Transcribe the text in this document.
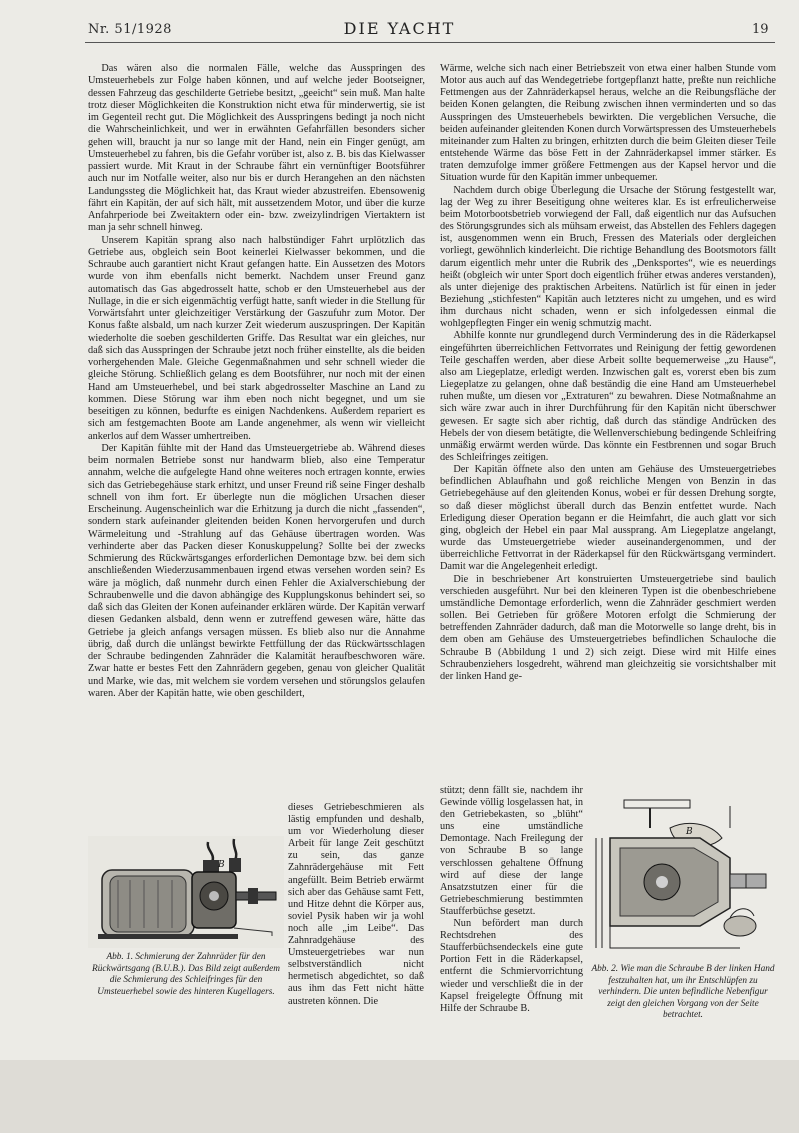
Nr. 51/1928	DIE YACHT	19

Das wären also die normalen Fälle, welche das Ausspringen des Umsteuerhebels zur Folge haben können, und auf welche jeder Bootseigner, dessen Fahrzeug das geschilderte Getriebe besitzt, „geeicht“ sein muß. Man halte trotz dieser Möglichkeiten die Konstruktion nicht etwa für minderwertig, sie ist im Gegenteil recht gut. Die Möglichkeit des Ausspringens bedingt ja noch nicht die Wahrscheinlichkeit, und wer in erwähnten Gefahrfällen besonders sicher gehen will, braucht ja nur so lange mit der Hand, nein ein Finger genügt, am Umsteuerhebel zu fahren, bis die Gefahr vorüber ist, also z. B. bis das Kielwasser passiert wurde. Mit Kraut in der Schraube fährt ein vernünftiger Bootsführer auch nur im Notfalle weiter, also nur bis er durch Herangehen an den nächsten Landungssteg die Möglichkeit hat, das Kraut wieder abzustreifen. Ebensowenig fährt ein Kapitän, der auf sich hält, mit aussetzendem Motor, und über die kurze Anfahrperiode bei Zweitaktern oder ein- bzw. zweizylindrigen Viertaktern ist man ja sehr schnell hinweg.

Unserem Kapitän sprang also nach halbstündiger Fahrt urplötzlich das Getriebe aus, obgleich sein Boot keinerlei Kielwasser bekommen, und die Schraube auch garantiert nicht Kraut gefangen hatte. Ein Aussetzen des Motors wurde von ihm ebenfalls nicht bemerkt. Nachdem unser Freund ganz automatisch das Gas abgedrosselt hatte, schob er den Umsteuerhebel aus der Nullage, in die er sich eigenmächtig verfügt hatte, sanft wieder in die Stellung für Vorwärtsfahrt unter gleichzeitiger Verstärkung der Gaszufuhr zum Motor. Der Konus faßte alsbald, um nach kurzer Zeit wiederum auszuspringen. Der Kapitän wiederholte die soeben geschilderten Griffe. Das Resultat war ein gleiches, nur daß sich das Ausspringen der Schraube jetzt noch früher einstellte, als die beiden vorhergehenden Male. Gleiche Gegenmaßnahmen und sehr schnell wieder die gleiche Störung. Schließlich gelang es dem Bootsführer, nur noch mit der einen Hand am Umsteuerhebel, und bei stark abgedrosselter Maschine an Land zu kommen. Diese Störung war ihm eben noch nicht begegnet, und um sie beseitigen zu können, bedurfte es einigen Nachdenkens. Außerdem repariert es sich am festgemachten Boote am Lande angenehmer, als wenn wir vielleicht ankerlos auf dem Wasser umhertreiben.

Der Kapitän fühlte mit der Hand das Umsteuergetriebe ab. Während dieses beim normalen Betriebe sonst nur handwarm blieb, also eine Temperatur annahm, welche die aufgelegte Hand ohne weiteres noch ertragen konnte, erwies sich das Getriebegehäuse stark erhitzt, und unser Freund riß seine Finger deshalb schnell von ihm fort. Er überlegte nun die möglichen Ursachen dieser Erscheinung. Augenscheinlich war die Erhitzung ja durch die nicht „fassenden“, sondern stark aufeinander gleitenden beiden Konen hervorgerufen und durch Wärmeleitung und -Strahlung auf das Gehäuse übertragen worden. Was verhinderte aber das Packen dieser Konuskuppelung? Sollte bei der zwecks Schmierung des Rückwärtsganges erforderlichen Demontage bzw. bei dem sich anschließenden Wiederzusammenbauen irgend etwas versehen worden sein? Es wäre ja möglich, daß nunmehr durch einen Fehler die Axialverschiebung der Schraubenwelle und die davon abhängige des Kupplungskonus behindert sei, so daß sich das Gleiten der Konen aufeinander erklären würde. Der Kapitän verwarf diesen Gedanken alsbald, denn wenn er zutreffend gewesen wäre, hätte das Getriebe ja gleich anfangs versagen müssen. Es blieb also nur die Annahme übrig, daß durch die unlängst bewirkte Fettfüllung der das Rückwärtsschlagen der Schraube bedingenden Zahnräder die Kalamität heraufbeschworen wäre. Zwar hatte er bestes Fett den Zahnrädern gegeben, genau von gleicher Qualität und Marke, wie das, mit welchem sie vordem versehen und störungslos gelaufen waren. Aber der Kapitän hatte, wie oben geschildert,

dieses Getriebeschmieren als lästig empfunden und deshalb, um vor Wiederholung dieser Arbeit für lange Zeit geschützt zu sein, das ganze Zahnrädergehäuse mit Fett angefüllt. Beim Betrieb erwärmt sich aber das Gehäuse samt Fett, und Hitze dehnt die Körper aus, soviel Pysik haben wir ja wohl noch alle „im Leibe“. Das Zahnradgehäuse des Umsteuergetriebes war nun selbstverständlich nicht hermetisch abgedichtet, so daß aus ihm das Fett nicht hätte austreten können. Die

B
Abb. 1. Schmierung der Zahnräder für den Rückwärtsgang (B.U.B.). Das Bild zeigt außerdem die Schmierung des Schleifringes für den Umsteuerhebel sowie des hinteren Kugellagers.

Wärme, welche sich nach einer Betriebszeit von etwa einer halben Stunde vom Motor aus auch auf das Wendegetriebe fortgepflanzt hatte, preßte nun reichliche Fettmengen aus der Zahnräderkapsel heraus, welche an die Reibungsfläche der beiden Konen gelangten, die Reibung zwischen ihnen verminderten und so das Ausspringen des Umsteuerhebels bewirkten. Die vergeblichen Versuche, die beiden aufeinander gleitenden Konen durch Vorwärtspressen des Umsteuerhebels miteinander zum Halten zu bringen, erhitzten durch die beim Gleiten dieser Teile entstehende Wärme das böse Fett in der Zahnräderkapsel immer stärker. Es traten demzufolge immer größere Fettmengen aus der Kapsel hervor und die Situation wurde für den Kapitän immer unbequemer.

Nachdem durch obige Überlegung die Ursache der Störung festgestellt war, lag der Weg zu ihrer Beseitigung ohne weiteres klar. Es ist erfreulicherweise beim Motorbootsbetrieb vorwiegend der Fall, daß eigentlich nur das Aufsuchen des Störungsgrundes sich als mühsam erweist, das Abstellen des Fehlers dagegen ist, ausgenommen wenn ein Bruch, Fressen des Materials oder dergleichen vorliegt, gewöhnlich kinderleicht. Die richtige Behandlung des Bootsmotors fällt darum eigentlich mehr unter die Rubrik des „Denksportes“, wie es neuerdings heißt (obgleich wir unter Sport doch eigentlich früher etwas anderes verstanden), als unter diejenige des praktischen Arbeitens. Natürlich ist für einen in jeder Beziehung „stichfesten“ Kapitän auch letzteres nicht zu umgehen, und es wird ihm durchaus nicht schaden, wenn er sich infolgedessen einmal die wohlgepflegten Finger ein wenig schmutzig macht.

Abhilfe konnte nur grundlegend durch Verminderung des in die Räderkapsel eingeführten überreichlichen Fettvorrates und Reinigung der fettig gewordenen Teile geschaffen werden, aber diese Arbeit sollte bequemerweise „zu Hause“, also am Liegeplatze, erledigt werden. Inzwischen galt es, vorerst eben bis zum Liegeplatze zu gelangen, ohne daß beständig die eine Hand am Umsteuerhebel ruhen mußte, um diesen vor „Extraturen“ zu bewahren. Diese Notmaßnahme an sich wäre zwar auch in ihrer Durchführung für den Kapitän nicht überschwer gewesen. Er sagte sich aber richtig, daß durch das ständige Andrücken des Hebels der von diesem betätigte, die Wellenverschiebung bedingende Schleifring unmäßig erwärmt werden würde. Das könnte ein Festbrennen und sogar Bruch des Schleifringes zeitigen.

Der Kapitän öffnete also den unten am Gehäuse des Umsteuergetriebes befindlichen Ablaufhahn und goß reichliche Mengen von Benzin in das Getriebegehäuse auf den gleitenden Konus, wobei er für dessen Drehung sorgte, so daß dieser möglichst überall durch das Benzin entfettet wurde. Nach Erledigung dieser Operation begann er die Heimfahrt, die auch glatt vor sich ging, obgleich der Hebel ein paar Mal aussprang. Am Liegeplatze angelangt, wurde das Umsteuergetriebe wieder auseinandergenommen, und der überreichliche Fettvorrat in der Räderkapsel für den Rückwärtsgang vermindert. Damit war die Angelegenheit erledigt.

Die in beschriebener Art konstruierten Umsteuergetriebe sind baulich verschieden ausgeführt. Nur bei den kleineren Typen ist die obenbeschriebene umständliche Demontage erforderlich, wenn die Zahnräder geschmiert werden sollen. Bei Getrieben für größere Motoren erfolgt die Schmierung der betreffenden Zahnräder dadurch, daß man die Motorwelle so lange dreht, bis in dem oben am Gehäuse des Umsteuergetriebes befindlichen Schauloche die Schraube B (Abbildung 1 und 2) sich zeigt. Diese wird mit Hilfe eines Schraubenziehers losgedreht, während man gleichzeitig sie vorsichtshalber mit der linken Hand ge-

stützt; denn fällt sie, nachdem ihr Gewinde völlig losgelassen hat, in den Getriebekasten, so „blüht“ uns eine umständliche Demontage. Nach Freilegung der von Schraube B so lange verschlossen gehaltene Öffnung wird auf diese der lange Ansatzstutzen einer für die Getriebeschmierung bestimmten Staufferbüchse gesetzt.

Nun befördert man durch Rechtsdrehen des Staufferbüchsendeckels eine gute Portion Fett in die Räderkapsel, entfernt die Schmiervorrichtung wieder und verschließt die in der Kapsel freigelegte Öffnung mit Hilfe der Schraube B.

B
Abb. 2. Wie man die Schraube B der linken Hand festzuhalten hat, um ihr Entschlüpfen zu verhindern. Die unten befindliche Nebenfigur zeigt den gleichen Vorgang von der Seite betrachtet.
